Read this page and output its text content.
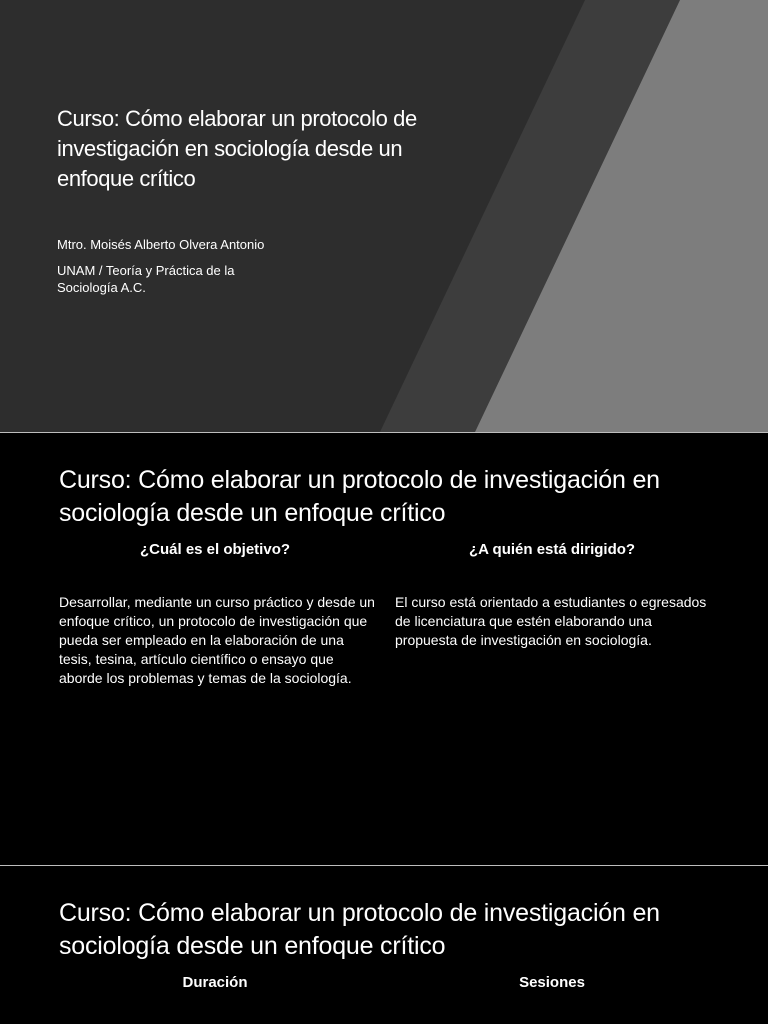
Curso: Cómo elaborar un protocolo de investigación en sociología desde un enfoque crítico
Mtro. Moisés Alberto Olvera Antonio
UNAM / Teoría y Práctica de la Sociología A.C.
Curso: Cómo elaborar un protocolo de investigación en sociología desde un enfoque crítico
¿Cuál es el objetivo?	¿A quién está dirigido?
Desarrollar, mediante un curso práctico y desde un enfoque crítico, un protocolo de investigación que pueda ser empleado en la elaboración de una tesis, tesina, artículo científico o ensayo que aborde los problemas y temas de la sociología.
El curso está orientado a estudiantes o egresados de licenciatura que estén elaborando una propuesta de investigación en sociología.
Curso: Cómo elaborar un protocolo de investigación en sociología desde un enfoque crítico
Duración	Sesiones
